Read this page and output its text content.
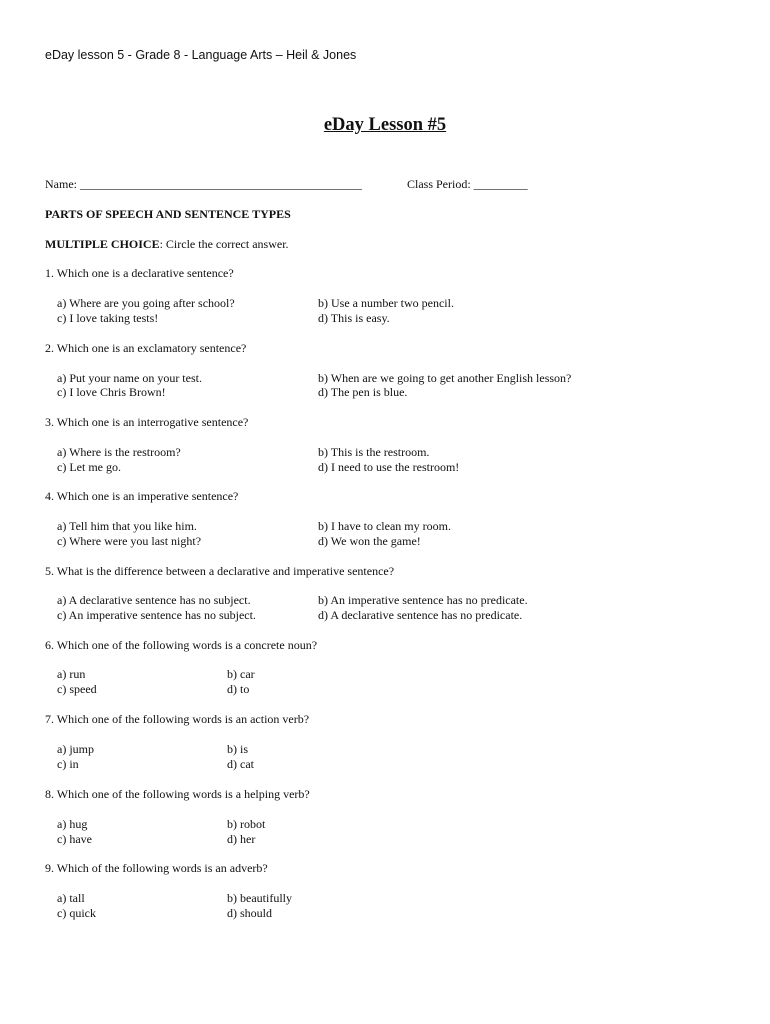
eDay lesson 5 - Grade 8 - Language Arts – Heil & Jones
eDay Lesson #5
Name: _______________________________________________	Class Period: _________
PARTS OF SPEECH AND SENTENCE TYPES
MULTIPLE CHOICE: Circle the correct answer.
1. Which one is a declarative sentence?
a) Where are you going after school?	b) Use a number two pencil.
c) I love taking tests!	d) This is easy.
2. Which one is an exclamatory sentence?
a) Put your name on your test.	b) When are we going to get another English lesson?
c) I love Chris Brown!	d) The pen is blue.
3. Which one is an interrogative sentence?
a) Where is the restroom?	b) This is the restroom.
c) Let me go.	d) I need to use the restroom!
4. Which one is an imperative sentence?
a) Tell him that you like him.	b) I have to clean my room.
c) Where were you last night?	d) We won the game!
5. What is the difference between a declarative and imperative sentence?
a) A declarative sentence has no subject.	b) An imperative sentence has no predicate.
c) An imperative sentence has no subject.	d) A declarative sentence has no predicate.
6. Which one of the following words is a concrete noun?
a) run	b) car
c) speed	d) to
7. Which one of the following words is an action verb?
a) jump	b) is
c) in	d) cat
8. Which one of the following words is a helping verb?
a) hug	b) robot
c) have	d) her
9. Which of the following words is an adverb?
a) tall	b) beautifully
c) quick	d) should
